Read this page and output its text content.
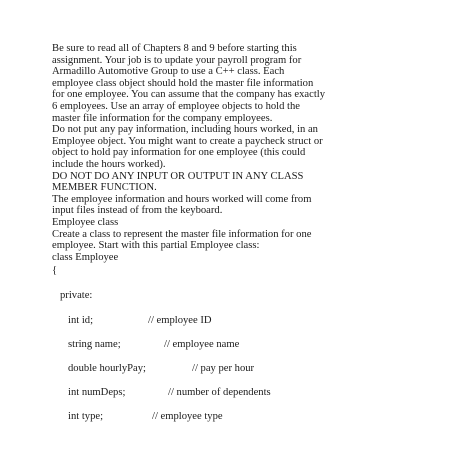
Be sure to read all of Chapters 8 and 9 before starting this
assignment. Your job is to update your payroll program for
Armadillo Automotive Group to use a C++ class. Each
employee class object should hold the master file information
for one employee. You can assume that the company has exactly
6 employees. Use an array of employee objects to hold the
master file information for the company employees.
Do not put any pay information, including hours worked, in an
Employee object. You might want to create a paycheck struct or
object to hold pay information for one employee (this could
include the hours worked).
DO NOT DO ANY INPUT OR OUTPUT IN ANY CLASS
MEMBER FUNCTION.
The employee information and hours worked will come from
input files instead of from the keyboard.
Employee class
Create a class to represent the master file information for one
employee. Start with this partial Employee class:
class Employee
{
private:
int id;	// employee ID
string name;	// employee name
double hourlyPay;	// pay per hour
int numDeps;	// number of dependents
int type;	// employee type
